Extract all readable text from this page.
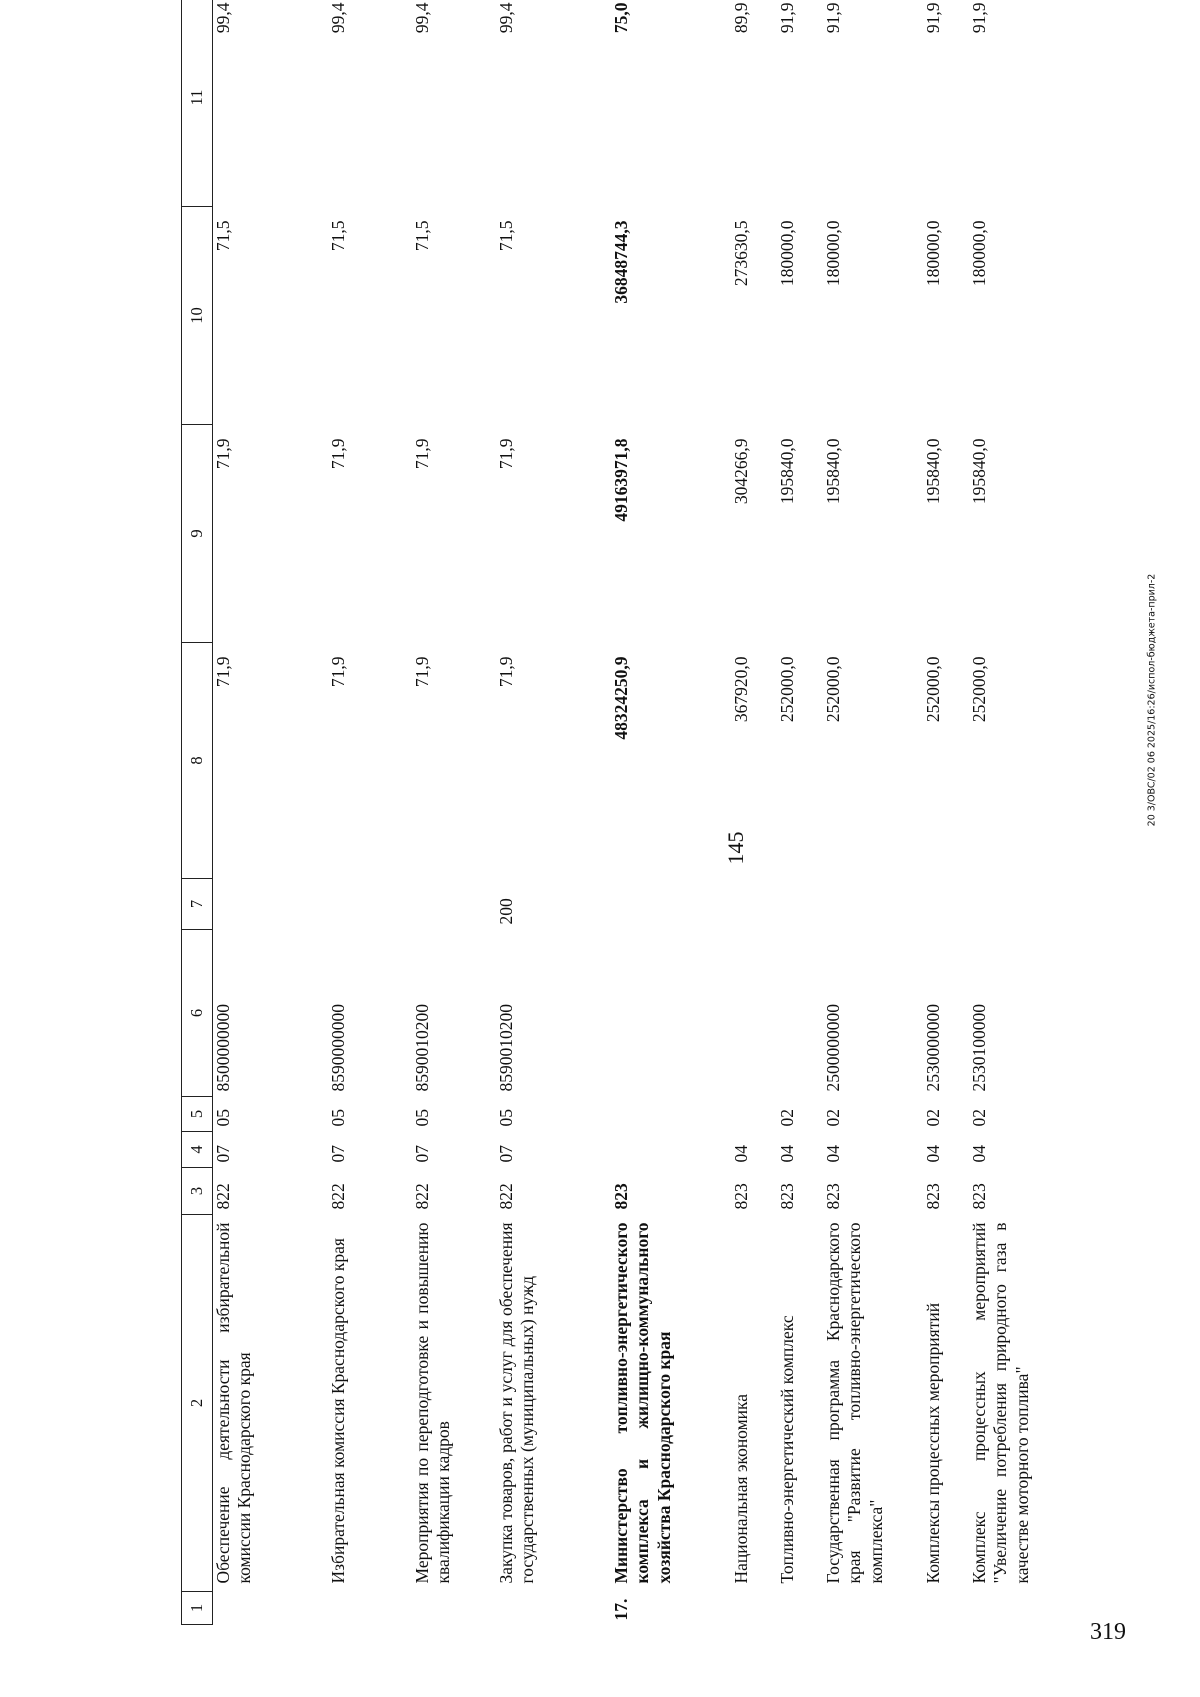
145
20 3/OBC/02 06 2025/16:26/испол-бюджета-прил-2
319
1	2	3	4	5	6	7	8	9	10	11
	Обеспечение деятельности избирательной комиссии Краснодарского края	822	07	05	8500000000		71,9	71,9	71,5	99,4
	Избирательная комиссия Краснодарского края	822	07	05	8590000000		71,9	71,9	71,5	99,4
	Мероприятия по переподготовке и повышению квалификации кадров	822	07	05	8590010200		71,9	71,9	71,5	99,4
	Закупка товаров, работ и услуг для обеспечения государственных (муниципальных) нужд	822	07	05	8590010200	200	71,9	71,9	71,5	99,4
17.	Министерство топливно-энергетического комплекса и жилищно-коммунального хозяйства Краснодарского края	823					48324250,9	49163971,8	36848744,3	75,0
	Национальная экономика	823	04				367920,0	304266,9	273630,5	89,9
	Топливно-энергетический комплекс	823	04	02			252000,0	195840,0	180000,0	91,9
	Государственная программа Краснодарского края "Развитие топливно-энергетического комплекса"	823	04	02	2500000000		252000,0	195840,0	180000,0	91,9
	Комплексы процессных мероприятий	823	04	02	2530000000		252000,0	195840,0	180000,0	91,9
	Комплекс процессных мероприятий "Увеличение потребления природного газа в качестве моторного топлива"	823	04	02	2530100000		252000,0	195840,0	180000,0	91,9
